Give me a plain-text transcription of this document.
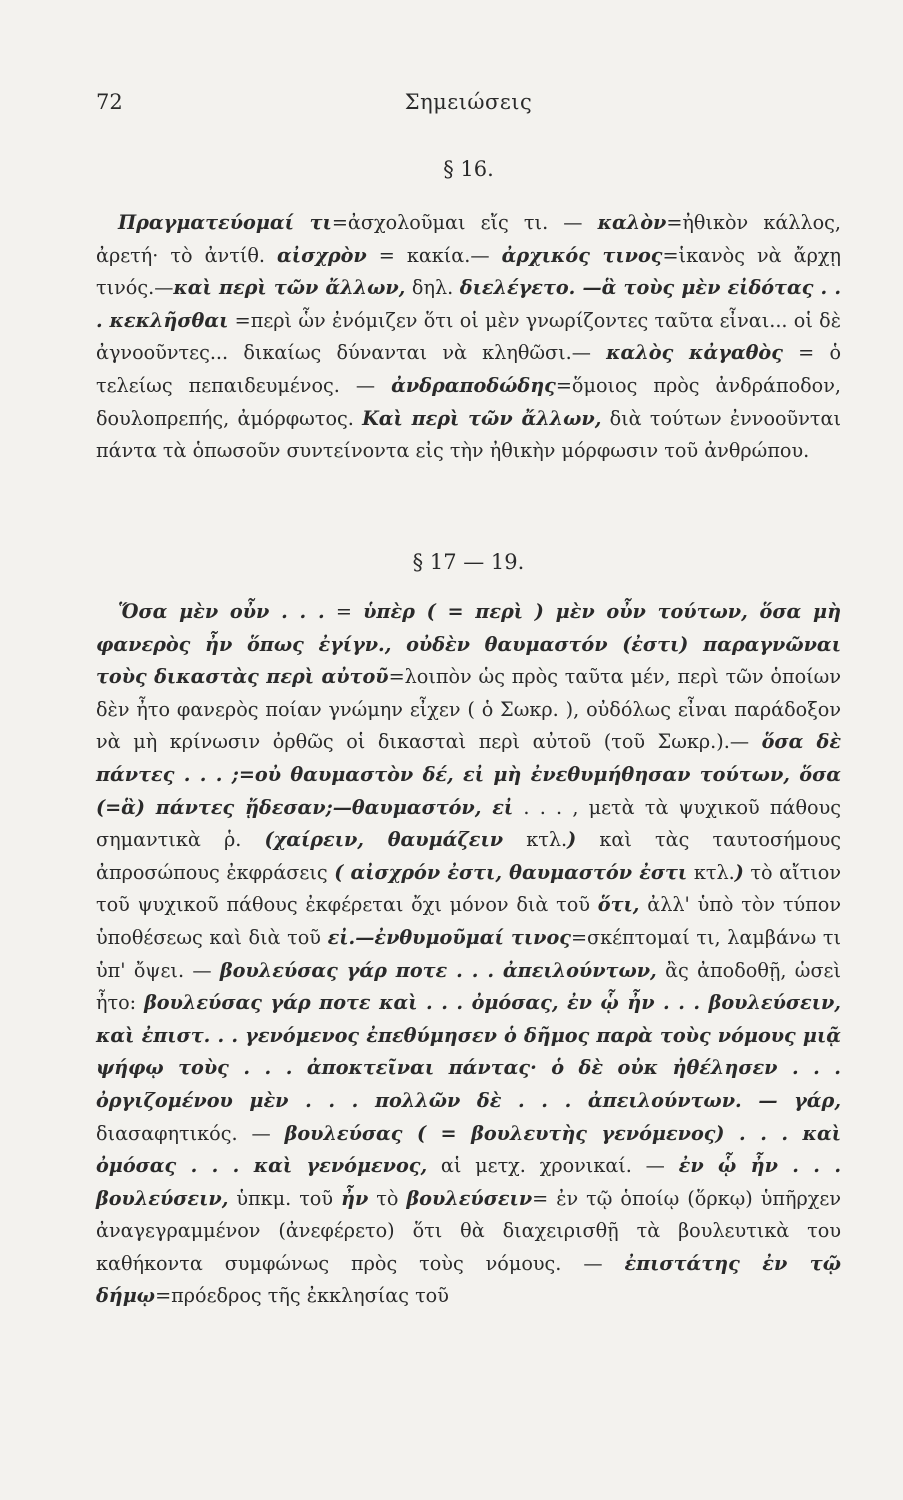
72	Σημειώσεις
§ 16.

Πραγματεύομαί τι=ἀσχολοῦμαι εἴς τι. — καλὸν=ἠθικὸν κάλλος, ἀρετή· τὸ ἀντίθ. αἰσχρὸν = κακία.— ἀρχικός τινος=ἱκανὸς νὰ ἄρχῃ τινός.—καὶ περὶ τῶν ἄλλων, δηλ. διελέγετο. —ἃ τοὺς μὲν εἰδότας . . . κεκλῆσθαι =περὶ ὧν ἐνόμιζεν ὅτι οἱ μὲν γνωρίζοντες ταῦτα εἶναι... οἱ δὲ ἀγνοοῦντες... δικαίως δύνανται νὰ κληθῶσι.— καλὸς κἀγαθὸς = ὁ τελείως πεπαιδευμένος. — ἀνδραποδώδης=ὅμοιος πρὸς ἀνδράποδον, δουλοπρεπής, ἀμόρφωτος. Καὶ περὶ τῶν ἄλλων, διὰ τούτων ἐννοοῦνται πάντα τὰ ὁπωσοῦν συντείνοντα εἰς τὴν ἠθικὴν μόρφωσιν τοῦ ἀνθρώπου.

§ 17 — 19.

Ὅσα μὲν οὖν . . . = ὑπὲρ ( = περὶ ) μὲν οὖν τούτων, ὅσα μὴ φανερὸς ἦν ὅπως ἐγίγν., οὐδὲν θαυμαστόν (ἐστι) παραγνῶναι τοὺς δικαστὰς περὶ αὐτοῦ=λοιπὸν ὡς πρὸς ταῦτα μέν, περὶ τῶν ὁποίων δὲν ἦτο φανερὸς ποίαν γνώμην εἶχεν ( ὁ Σωκρ. ), οὐδόλως εἶναι παράδοξον νὰ μὴ κρίνωσιν ὀρθῶς οἱ δικασταὶ περὶ αὐτοῦ (τοῦ Σωκρ.).— ὅσα δὲ πάντες . . . ;=οὐ θαυμαστὸν δέ, εἰ μὴ ἐνεθυμήθησαν τούτων, ὅσα (=ἃ) πάντες ᾔδεσαν;—θαυμαστόν, εἰ . . . , μετὰ τὰ ψυχικοῦ πάθους σημαντικὰ ῥ. (χαίρειν, θαυμάζειν κτλ.) καὶ τὰς ταυτοσήμους ἀπροσώπους ἐκφράσεις ( αἰσχρόν ἐστι, θαυμαστόν ἐστι κτλ.) τὸ αἴτιον τοῦ ψυχικοῦ πάθους ἐκφέρεται ὄχι μόνον διὰ τοῦ ὅτι, ἀλλ' ὑπὸ τὸν τύπον ὑποθέσεως καὶ διὰ τοῦ εἰ.—ἐνθυμοῦμαί τινος=σκέπτομαί τι, λαμβάνω τι ὑπ' ὄψει. — βουλεύσας γάρ ποτε . . . ἀπειλούντων, ἂς ἀποδοθῇ, ὡσεὶ ἦτο: βουλεύσας γάρ ποτε καὶ . . . ὀμόσας, ἐν ᾧ ἦν . . . βουλεύσειν, καὶ ἐπιστ. . . γενόμενος ἐπεθύμησεν ὁ δῆμος παρὰ τοὺς νόμους μιᾷ ψήφῳ τοὺς . . . ἀποκτεῖναι πάντας· ὁ δὲ οὐκ ἠθέλησεν . . . ὀργιζομένου μὲν . . . πολλῶν δὲ . . . ἀπειλούντων. — γάρ, διασαφητικός. — βουλεύσας ( = βουλευτὴς γενόμενος) . . . καὶ ὀμόσας . . . καὶ γενόμενος, αἱ μετχ. χρονικαί. — ἐν ᾧ ἦν . . . βουλεύσειν, ὑπκμ. τοῦ ἦν τὸ βουλεύσειν= ἐν τῷ ὁποίῳ (ὅρκῳ) ὑπῆρχεν ἀναγεγραμμένον (ἀνεφέρετο) ὅτι θὰ διαχειρισθῇ τὰ βουλευτικὰ του καθήκοντα συμφώνως πρὸς τοὺς νόμους. — ἐπιστάτης ἐν τῷ δήμῳ=πρόεδρος τῆς ἐκκλησίας τοῦ
